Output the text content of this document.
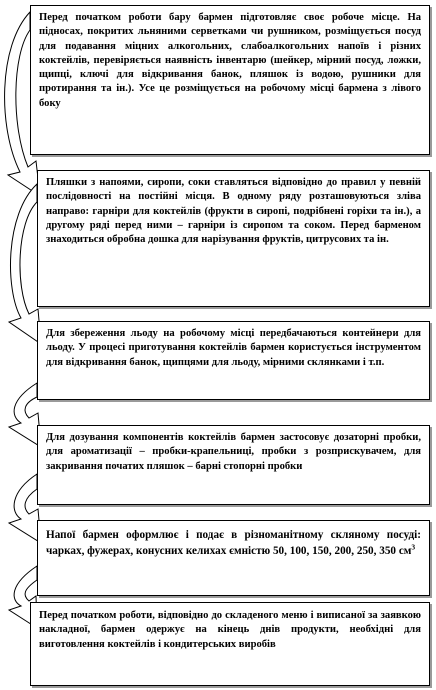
Перед початком роботи бару бармен підготовляє своє робоче місце. На підносах, покритих льняними серветками чи рушником, розміщується посуд для подавання міцних алкогольних, слабоалкогольних напоїв і різних коктейлів, перевіряється наявність інвентарю (шейкер, мірний посуд, ложки, щипці, ключі для відкривання банок, пляшок із водою, рушники для протирання та ін.). Усе це розміщується на робочому місці бармена з лівого боку

Пляшки з напоями, сиропи, соки ставляться відповідно до правил у певній послідовності на постійні місця. В одному ряду розташовуються зліва направо: гарніри для коктейлів (фрукти в сиропі, подрібнені горіхи та ін.), а другому ряді перед ними – гарніри із сиропом та соком. Перед барменом знаходиться обробна дошка для нарізування фруктів, цитрусових та ін.

Для збереження льоду на робочому місці передбачаються контейнери для льоду. У процесі приготування коктейлів бармен користується інструментом для відкривання банок, щипцями для льоду, мірними склянками і т.п.

Для дозування компонентів коктейлів бармен застосовує дозаторні пробки, для ароматизації – пробки-крапельниці, пробки з розприскувачем, для закривання початих пляшок – барні стопорні пробки

Напої бармен оформлює і подає в різноманітному скляному посуді: чарках, фужерах, конусних келихах ємністю 50, 100, 150, 200, 250, 350 $см^3$

Перед початком роботи, відповідно до складеного меню і виписаної за заявкою накладної, бармен одержує на кінець днів продукти, необхідні для виготовлення коктейлів і кондитерських виробів
